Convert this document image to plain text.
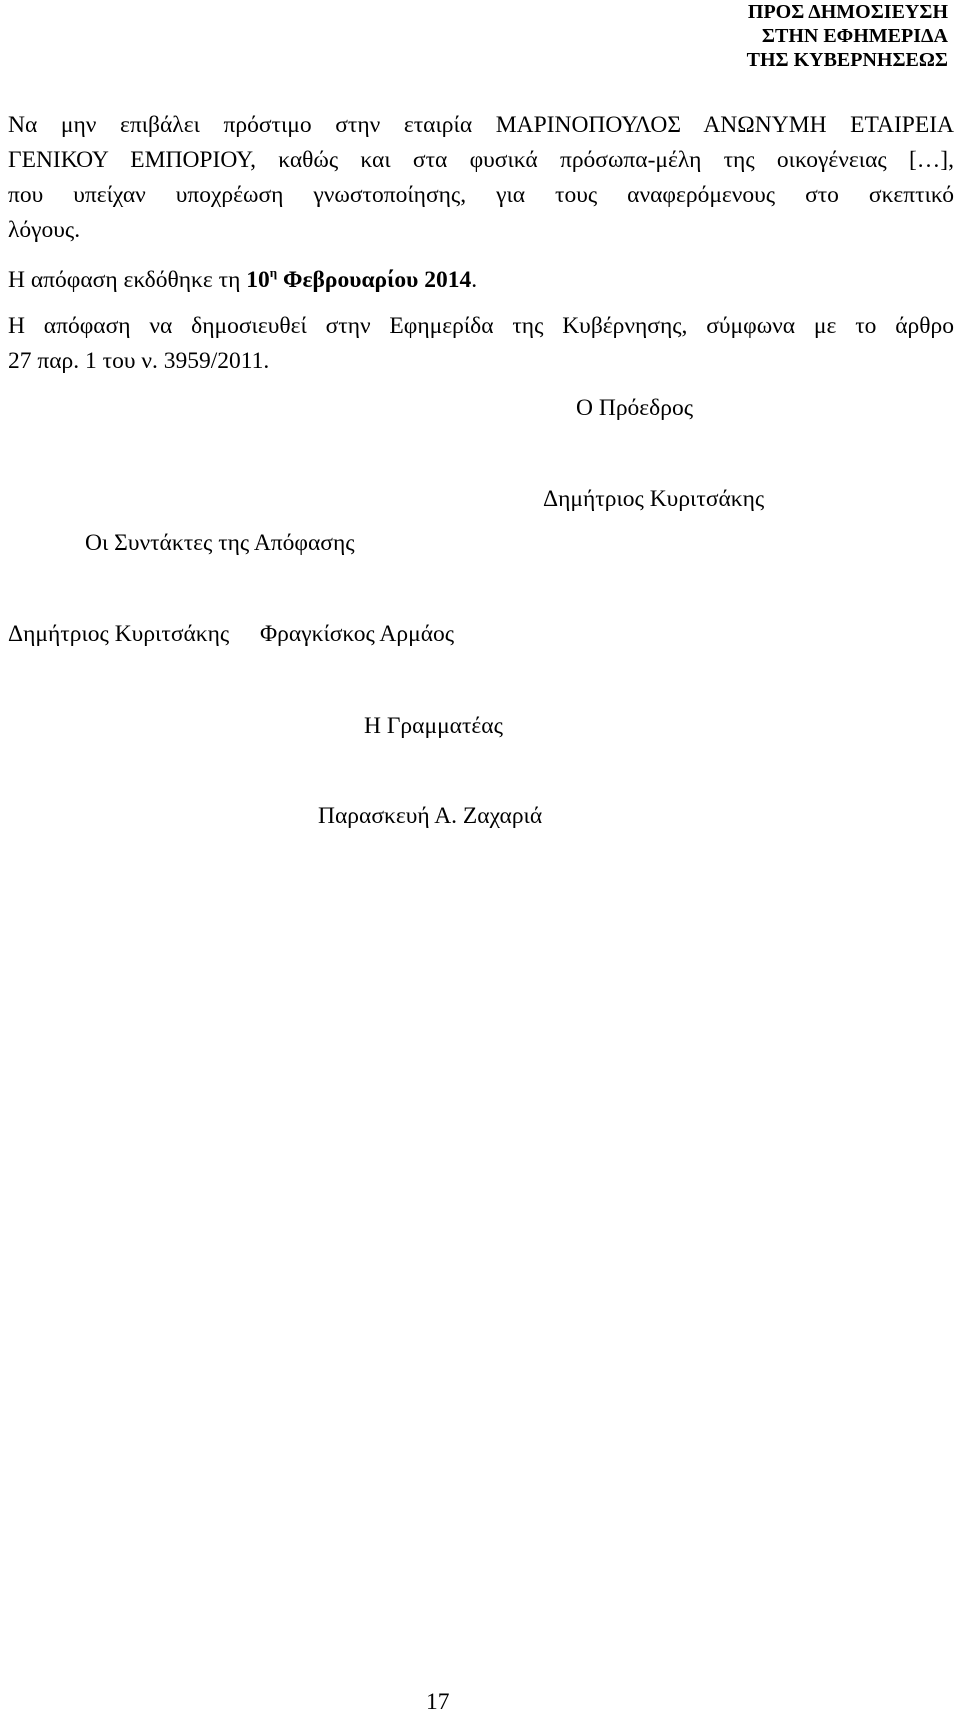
ΠΡΟΣ ΔΗΜΟΣΙΕΥΣΗ
ΣΤΗΝ ΕΦΗΜΕΡΙΔΑ
ΤΗΣ ΚΥΒΕΡΝΗΣΕΩΣ
Να μην επιβάλει πρόστιμο στην εταιρία ΜΑΡΙΝΟΠΟΥΛΟΣ ΑΝΩΝΥΜΗ ΕΤΑΙΡΕΙΑ
ΓΕΝΙΚΟΥ ΕΜΠΟΡΙΟΥ, καθώς και στα φυσικά πρόσωπα-μέλη της οικογένειας […],
που υπείχαν υποχρέωση γνωστοποίησης, για τους αναφερόμενους στο σκεπτικό
λόγους.
Η απόφαση εκδόθηκε τη $10^\eta$ Φεβρουαρίου 2014.
Η απόφαση να δημοσιευθεί στην Εφημερίδα της Κυβέρνησης, σύμφωνα με το άρθρο
27 παρ. 1 του ν. 3959/2011.
Ο Πρόεδρος
Δημήτριος Κυριτσάκης
Οι Συντάκτες της Απόφασης
Δημήτριος Κυριτσάκης Φραγκίσκος Αρμάος
Η Γραμματέας
Παρασκευή Α. Ζαχαριά
17
